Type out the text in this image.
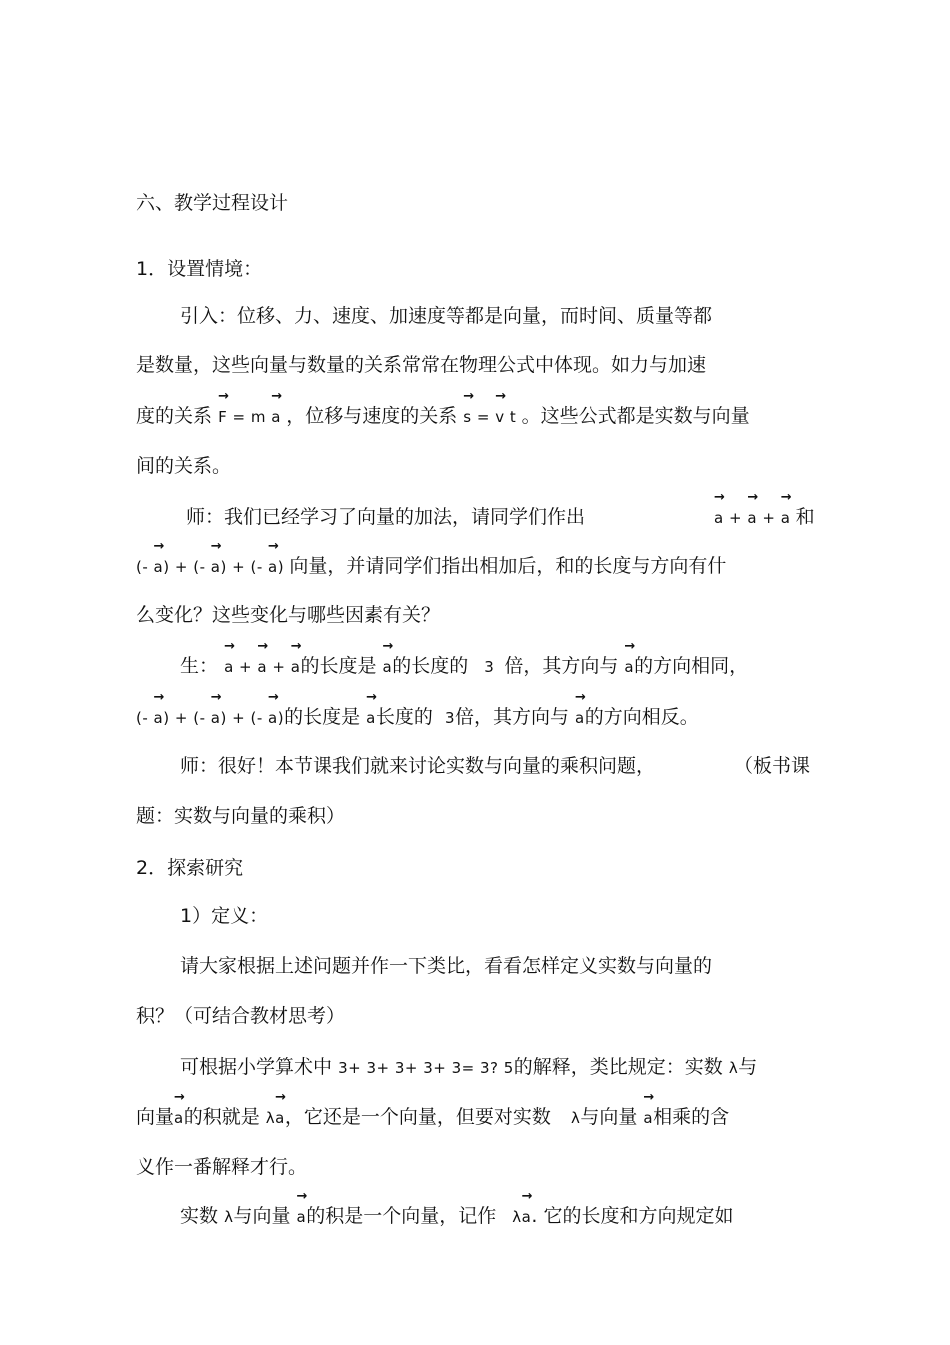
六、教学过程设计
1．设置情境：
引入：位移、力、速度、加速度等都是向量，而时间、质量等都
是数量，这些向量与数量的关系常常在物理公式中体现。如力与加速
度的关系 → F = m → a ，位移与速度的关系 → s = → v t 。这些公式都是实数与向量
间的关系。
师：我们已经学习了向量的加法，请同学们作出	→ a + → a + → a 和
(- → a) + (- → a) + (- → a) 向量，并请同学们指出相加后，和的长度与方向有什
么变化？这些变化与哪些因素有关？
生： → a + → a + → a的长度是 → a的长度的 3 倍，其方向与 → a的方向相同，
(- → a) + (- → a) + (- → a)的长度是 → a长度的 3倍，其方向与 → a的方向相反。
师：很好！本节课我们就来讨论实数与向量的乘积问题，	（板书课
题：实数与向量的乘积）
2．探索研究
1）定义：
请大家根据上述问题并作一下类比，看看怎样定义实数与向量的
积？（可结合教材思考）
可根据小学算术中 3+ 3+ 3+ 3+ 3= 3? 5的解释，类比规定：实数 λ与
向量→ a的积就是 λ→ a，它还是一个向量，但要对实数 λ与向量 → a相乘的含
义作一番解释才行。
实数 λ与向量 → a的积是一个向量，记作 λ→ a. 它的长度和方向规定如
